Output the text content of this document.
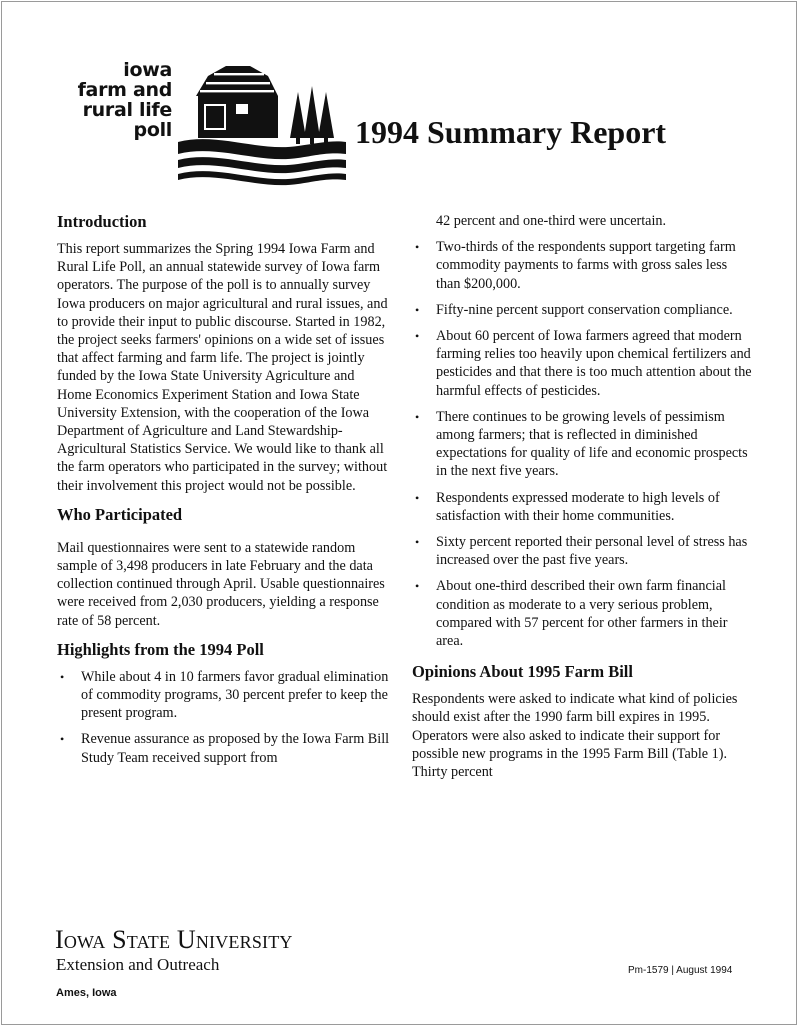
iowa
farm and
rural life
poll	1994 Summary Report
Introduction

This report summarizes the Spring 1994 Iowa Farm and Rural Life Poll, an annual statewide survey of Iowa farm operators. The purpose of the poll is to annually survey Iowa producers on major agricultural and rural issues, and to provide their input to public discourse. Started in 1982, the project seeks farmers' opinions on a wide set of issues that affect farming and farm life. The project is jointly funded by the Iowa State University Agriculture and Home Economics Experiment Station and Iowa State University Extension, with the cooperation of the Iowa Department of Agriculture and Land Stewardship-Agricultural Statistics Service. We would like to thank all the farm operators who participated in the survey; without their involvement this project would not be possible.

Who Participated

Mail questionnaires were sent to a statewide random sample of 3,498 producers in late February and the data collection continued through April. Usable questionnaires were received from 2,030 producers, yielding a response rate of 58 percent.

Highlights from the 1994 Poll
• While about 4 in 10 farmers favor gradual elimination of commodity programs, 30 percent prefer to keep the present program.
• Revenue assurance as proposed by the Iowa Farm Bill Study Team received support from

42 percent and one-third were uncertain.

• Two-thirds of the respondents support targeting farm commodity payments to farms with gross sales less than $200,000.
• Fifty-nine percent support conservation compliance.
• About 60 percent of Iowa farmers agreed that modern farming relies too heavily upon chemical fertilizers and pesticides and that there is too much attention about the harmful effects of pesticides.
• There continues to be growing levels of pessimism among farmers; that is reflected in diminished expectations for quality of life and economic prospects in the next five years.
• Respondents expressed moderate to high levels of satisfaction with their home communities.
• Sixty percent reported their personal level of stress has increased over the past five years.
• About one-third described their own farm financial condition as moderate to a very serious problem, compared with 57 percent for other farmers in their area.
Opinions About 1995 Farm Bill

Respondents were asked to indicate what kind of policies should exist after the 1990 farm bill expires in 1995. Operators were also asked to indicate their support for possible new programs in the 1995 Farm Bill (Table 1). Thirty percent

Iowa State University
Extension and Outreach
Ames, Iowa
Pm-1579 | August 1994
